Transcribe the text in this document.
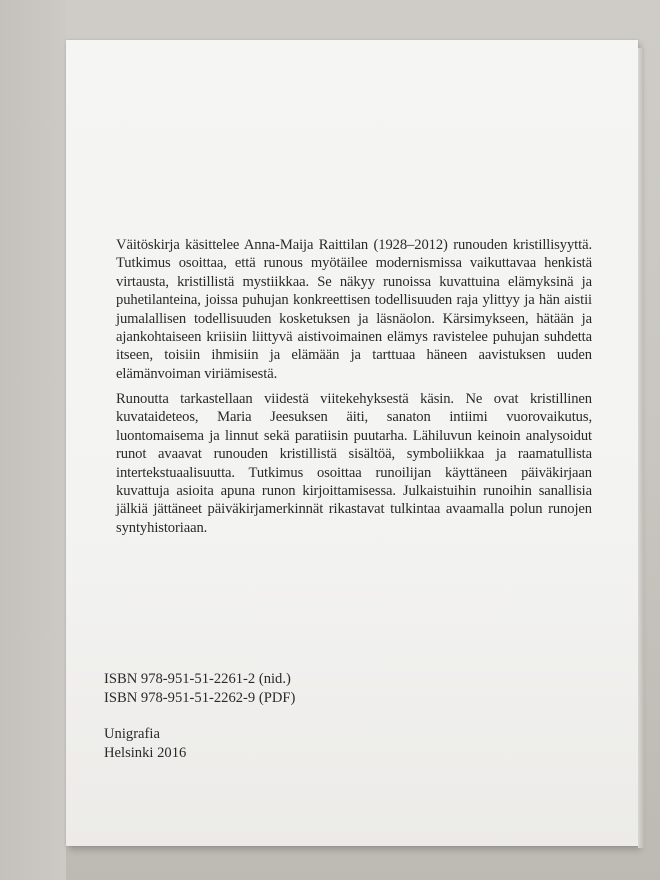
Väitöskirja käsittelee Anna-Maija Raittilan (1928–2012) runouden kristillisyyttä. Tutkimus osoittaa, että runous myötäilee modernismissa vaikuttavaa henkistä virtausta, kristillistä mystiikkaa. Se näkyy runoissa kuvattuina elämyksinä ja puhetilanteina, joissa puhujan konkreettisen todellisuuden raja ylittyy ja hän aistii jumalallisen todellisuuden kosketuksen ja läsnäolon. Kärsimykseen, hätään ja ajankohtaiseen kriisiin liittyvä aistivoimainen elämys ravistelee puhujan suhdetta itseen, toisiin ihmisiin ja elämään ja tarttuaa häneen aavistuksen uuden elämänvoiman viriämisestä.

Runoutta tarkastellaan viidestä viitekehyksestä käsin. Ne ovat kristillinen kuvataideteos, Maria Jeesuksen äiti, sanaton intiimi vuorovaikutus, luontomaisema ja linnut sekä paratiisin puutarha. Lähiluvun keinoin analysoidut runot avaavat runouden kristillistä sisältöä, symboliikkaa ja raamatullista intertekstuaalisuutta. Tutkimus osoittaa runoilijan käyttäneen päiväkirjaan kuvattuja asioita apuna runon kirjoittamisessa. Julkaistuihin runoihin sanallisia jälkiä jättäneet päiväkirjamerkinnät rikastavat tulkintaa avaamalla polun runojen syntyhistoriaan.

ISBN 978-951-51-2261-2 (nid.)
ISBN 978-951-51-2262-9 (PDF)
Unigrafia
Helsinki 2016
